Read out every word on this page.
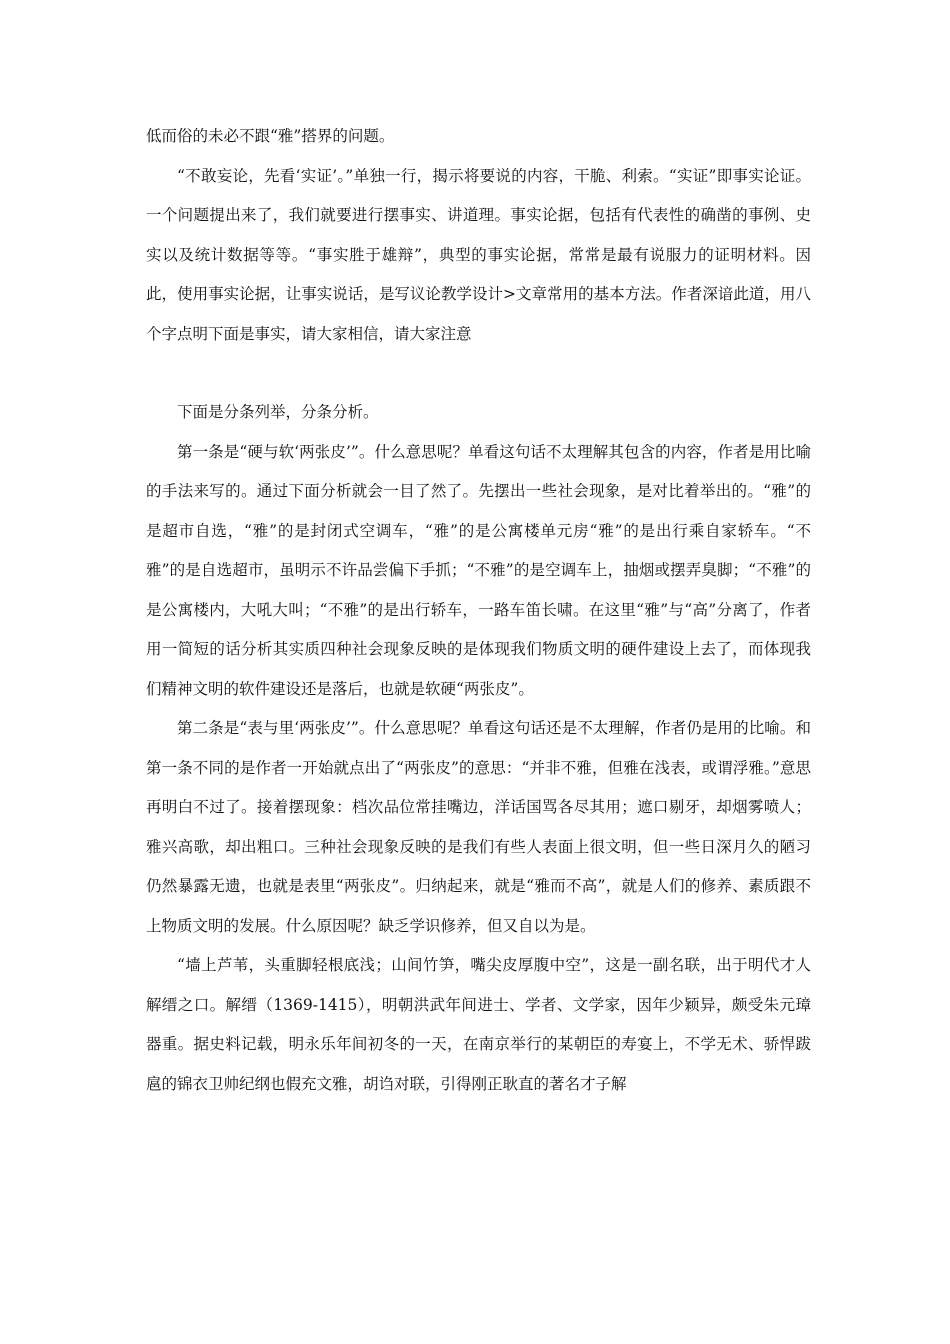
低而俗的未必不跟“雅”搭界的问题。

“不敢妄论，先看‘实证’。”单独一行，揭示将要说的内容，干脆、利索。“实证”即事实论证。一个问题提出来了，我们就要进行摆事实、讲道理。事实论据，包括有代表性的确凿的事例、史实以及统计数据等等。“事实胜于雄辩”，典型的事实论据，常常是最有说服力的证明材料。因此，使用事实论据，让事实说话，是写议论教学设计>文章常用的基本方法。作者深谙此道，用八个字点明下面是事实，请大家相信，请大家注意

下面是分条列举，分条分析。

第一条是“硬与软‘两张皮’”。什么意思呢？单看这句话不太理解其包含的内容，作者是用比喻的手法来写的。通过下面分析就会一目了然了。先摆出一些社会现象，是对比着举出的。“雅”的是超市自选，“雅”的是封闭式空调车，“雅”的是公寓楼单元房“雅”的是出行乘自家轿车。“不雅”的是自选超市，虽明示不许品尝偏下手抓；“不雅”的是空调车上，抽烟或摆弄臭脚；“不雅”的是公寓楼内，大吼大叫；“不雅”的是出行轿车，一路车笛长啸。在这里“雅”与“高”分离了，作者用一简短的话分析其实质四种社会现象反映的是体现我们物质文明的硬件建设上去了，而体现我们精神文明的软件建设还是落后，也就是软硬“两张皮”。

第二条是“表与里‘两张皮’”。什么意思呢？单看这句话还是不太理解，作者仍是用的比喻。和第一条不同的是作者一开始就点出了“两张皮”的意思：“并非不雅，但雅在浅表，或谓浮雅。”意思再明白不过了。接着摆现象：档次品位常挂嘴边，洋话国骂各尽其用；遮口剔牙，却烟雾喷人；雅兴高歌，却出粗口。三种社会现象反映的是我们有些人表面上很文明，但一些日深月久的陋习仍然暴露无遗，也就是表里“两张皮”。归纳起来，就是“雅而不高”，就是人们的修养、素质跟不上物质文明的发展。什么原因呢？缺乏学识修养，但又自以为是。

“墙上芦苇，头重脚轻根底浅；山间竹笋，嘴尖皮厚腹中空”，这是一副名联，出于明代才人解缙之口。解缙（1369-1415），明朝洪武年间进士、学者、文学家，因年少颖异，颇受朱元璋器重。据史料记载，明永乐年间初冬的一天，在南京举行的某朝臣的寿宴上，不学无术、骄悍跋扈的锦衣卫帅纪纲也假充文雅，胡诌对联，引得刚正耿直的著名才子解
